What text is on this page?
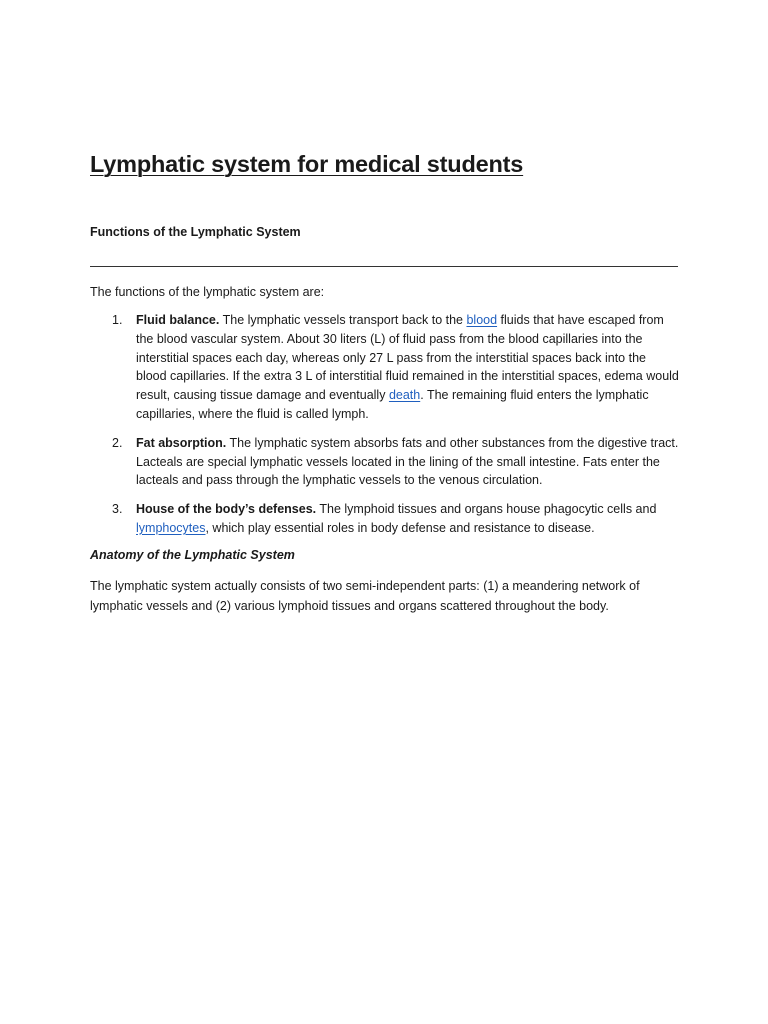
Lymphatic system for medical students

Functions of the Lymphatic System

The functions of the lymphatic system are:

1. Fluid balance. The lymphatic vessels transport back to the blood fluids that have escaped from the blood vascular system. About 30 liters (L) of fluid pass from the blood capillaries into the interstitial spaces each day, whereas only 27 L pass from the interstitial spaces back into the blood capillaries. If the extra 3 L of interstitial fluid remained in the interstitial spaces, edema would result, causing tissue damage and eventually death. The remaining fluid enters the lymphatic capillaries, where the fluid is called lymph.
2. Fat absorption. The lymphatic system absorbs fats and other substances from the digestive tract. Lacteals are special lymphatic vessels located in the lining of the small intestine. Fats enter the lacteals and pass through the lymphatic vessels to the venous circulation.
3. House of the body’s defenses. The lymphoid tissues and organs house phagocytic cells and lymphocytes, which play essential roles in body defense and resistance to disease.

Anatomy of the Lymphatic System

The lymphatic system actually consists of two semi-independent parts: (1) a meandering network of lymphatic vessels and (2) various lymphoid tissues and organs scattered throughout the body.
